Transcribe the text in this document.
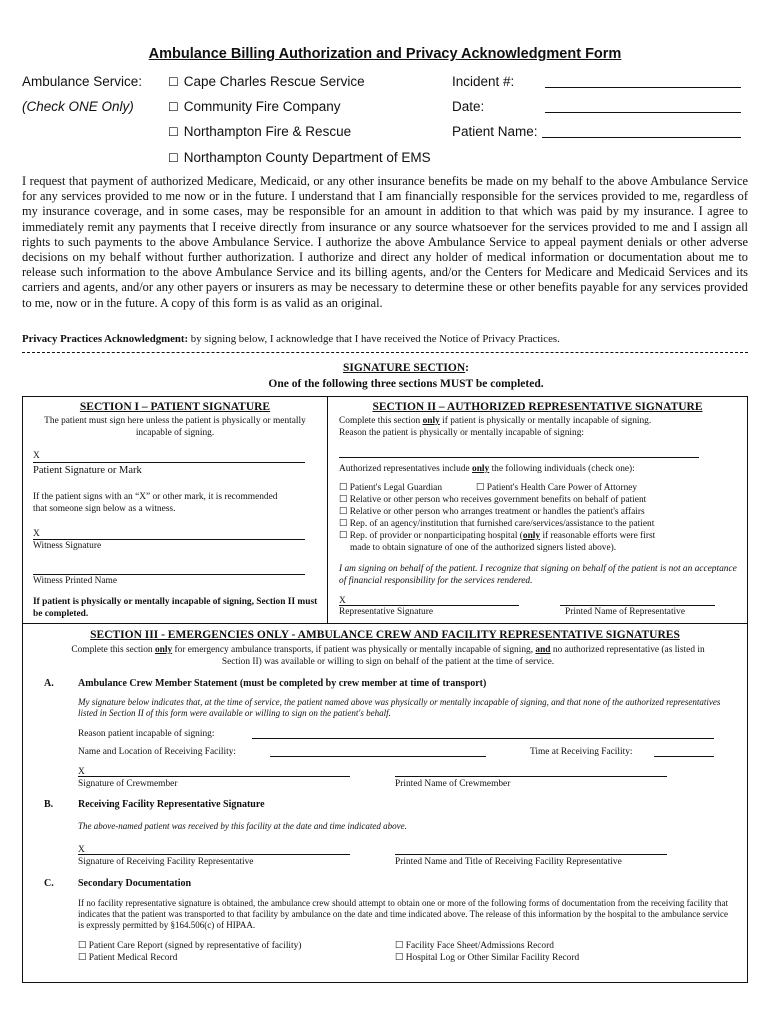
Ambulance Billing Authorization and Privacy Acknowledgment Form
Ambulance Service:
(Check ONE Only)
☐ Cape Charles Rescue Service
☐ Community Fire Company
☐ Northampton Fire & Rescue
☐ Northampton County Department of EMS
Incident #:
Date:
Patient Name:
I request that payment of authorized Medicare, Medicaid, or any other insurance benefits be made on my behalf to the above Ambulance Service for any services provided to me now or in the future. I understand that I am financially responsible for the services provided to me, regardless of my insurance coverage, and in some cases, may be responsible for an amount in addition to that which was paid by my insurance. I agree to immediately remit any payments that I receive directly from insurance or any source whatsoever for the services provided to me and I assign all rights to such payments to the above Ambulance Service. I authorize the above Ambulance Service to appeal payment denials or other adverse decisions on my behalf without further authorization. I authorize and direct any holder of medical information or documentation about me to release such information to the above Ambulance Service and its billing agents, and/or the Centers for Medicare and Medicaid Services and its carriers and agents, and/or any other payers or insurers as may be necessary to determine these or other benefits payable for any services provided to me, now or in the future. A copy of this form is as valid as an original.
Privacy Practices Acknowledgment: by signing below, I acknowledge that I have received the Notice of Privacy Practices.
SIGNATURE SECTION:
One of the following three sections MUST be completed.
SECTION I – PATIENT SIGNATURE
The patient must sign here unless the patient is physically or mentally incapable of signing.
X
Patient Signature or Mark
If the patient signs with an “X” or other mark, it is recommended that someone sign below as a witness.
X
Witness Signature
Witness Printed Name
If patient is physically or mentally incapable of signing, Section II must be completed.
SECTION II – AUTHORIZED REPRESENTATIVE SIGNATURE
Complete this section only if patient is physically or mentally incapable of signing.
Reason the patient is physically or mentally incapable of signing:
Authorized representatives include only the following individuals (check one):
☐ Patient's Legal Guardian	☐ Patient's Health Care Power of Attorney
☐ Relative or other person who receives government benefits on behalf of patient
☐ Relative or other person who arranges treatment or handles the patient's affairs
☐ Rep. of an agency/institution that furnished care/services/assistance to the patient
☐ Rep. of provider or nonparticipating hospital (only if reasonable efforts were first
made to obtain signature of one of the authorized signers listed above).
I am signing on behalf of the patient. I recognize that signing on behalf of the patient is not an acceptance of financial responsibility for the services rendered.
X
Representative Signature	Printed Name of Representative
SECTION III - EMERGENCIES ONLY - AMBULANCE CREW AND FACILITY REPRESENTATIVE SIGNATURES
Complete this section only for emergency ambulance transports, if patient was physically or mentally incapable of signing, and no authorized representative (as listed in Section II) was available or willing to sign on behalf of the patient at the time of service.
A. Ambulance Crew Member Statement (must be completed by crew member at time of transport)
My signature below indicates that, at the time of service, the patient named above was physically or mentally incapable of signing, and that none of the authorized representatives listed in Section II of this form were available or willing to sign on the patient's behalf.
Reason patient incapable of signing:
Name and Location of Receiving Facility:	Time at Receiving Facility:
X
Signature of Crewmember	Printed Name of Crewmember
B. Receiving Facility Representative Signature
The above-named patient was received by this facility at the date and time indicated above.
X
Signature of Receiving Facility Representative	Printed Name and Title of Receiving Facility Representative
C. Secondary Documentation
If no facility representative signature is obtained, the ambulance crew should attempt to obtain one or more of the following forms of documentation from the receiving facility that indicates that the patient was transported to that facility by ambulance on the date and time indicated above. The release of this information by the hospital to the ambulance service is expressly permitted by §164.506(c) of HIPAA.
☐ Patient Care Report (signed by representative of facility)	☐ Facility Face Sheet/Admissions Record
☐ Patient Medical Record	☐ Hospital Log or Other Similar Facility Record
